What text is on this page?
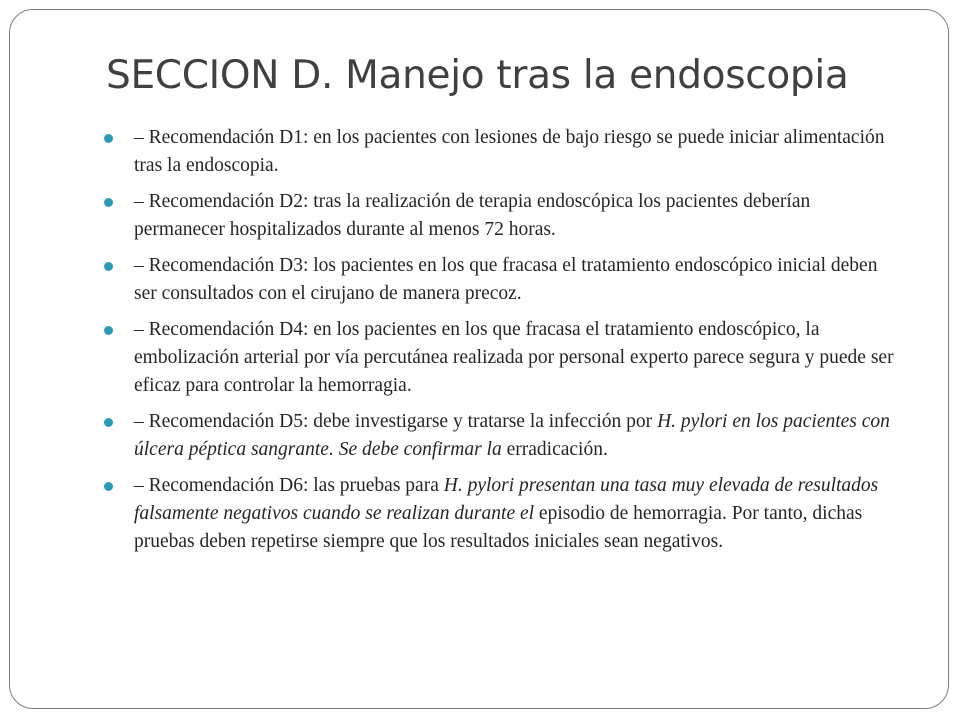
SECCION D. Manejo tras la endoscopia
– Recomendación D1: en los pacientes con lesiones de bajo riesgo se puede iniciar alimentación tras la endoscopia.
– Recomendación D2: tras la realización de terapia endoscópica los pacientes deberían permanecer hospitalizados durante al menos 72 horas.
– Recomendación D3: los pacientes en los que fracasa el tratamiento endoscópico inicial deben ser consultados con el cirujano de manera precoz.
– Recomendación D4: en los pacientes en los que fracasa el tratamiento endoscópico, la embolización arterial por vía percutánea realizada por personal experto parece segura y puede ser eficaz para controlar la hemorragia.
– Recomendación D5: debe investigarse y tratarse la infección por H. pylori en los pacientes con úlcera péptica sangrante. Se debe confirmar la erradicación.
– Recomendación D6: las pruebas para H. pylori presentan una tasa muy elevada de resultados falsamente negativos cuando se realizan durante el episodio de hemorragia. Por tanto, dichas pruebas deben repetirse siempre que los resultados iniciales sean negativos.
